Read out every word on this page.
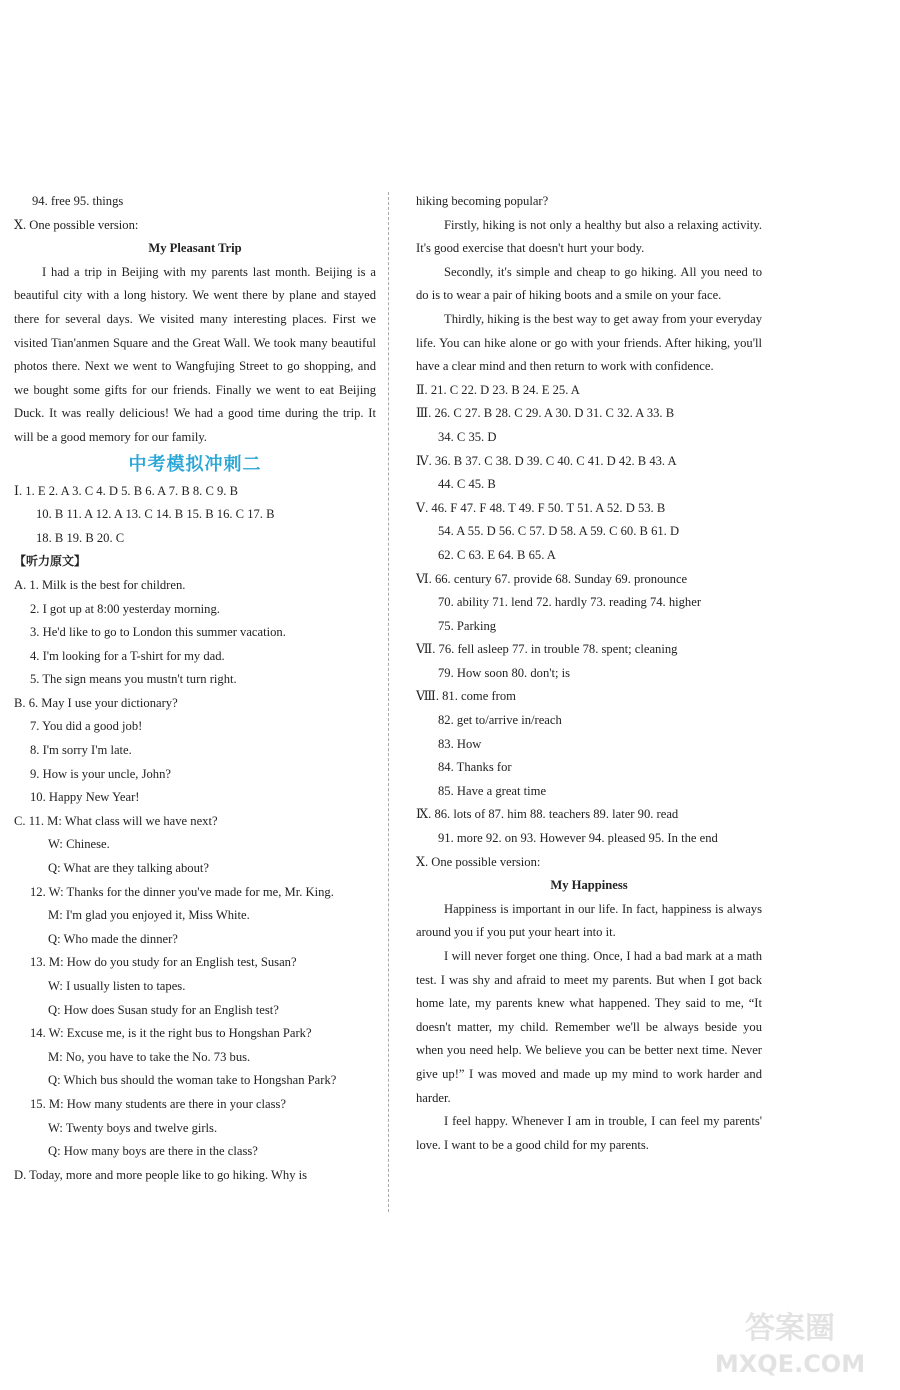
94. free 95. things
Ⅹ. One possible version:
My Pleasant Trip
I had a trip in Beijing with my parents last month. Beijing is a beautiful city with a long history. We went there by plane and stayed there for several days. We visited many interesting places. First we visited Tian'anmen Square and the Great Wall. We took many beautiful photos there. Next we went to Wangfujing Street to go shopping, and we bought some gifts for our friends. Finally we went to eat Beijing Duck. It was really delicious! We had a good time during the trip. It will be a good memory for our family.
中考模拟冲刺二
Ⅰ. 1. E 2. A 3. C 4. D 5. B 6. A 7. B 8. C 9. B
10. B 11. A 12. A 13. C 14. B 15. B 16. C 17. B
18. B 19. B 20. C
【听力原文】
A. 1. Milk is the best for children.
2. I got up at 8:00 yesterday morning.
3. He'd like to go to London this summer vacation.
4. I'm looking for a T-shirt for my dad.
5. The sign means you mustn't turn right.
B. 6. May I use your dictionary?
7. You did a good job!
8. I'm sorry I'm late.
9. How is your uncle, John?
10. Happy New Year!
C. 11. M: What class will we have next?
W: Chinese.
Q: What are they talking about?
12. W: Thanks for the dinner you've made for me, Mr. King.
M: I'm glad you enjoyed it, Miss White.
Q: Who made the dinner?
13. M: How do you study for an English test, Susan?
W: I usually listen to tapes.
Q: How does Susan study for an English test?
14. W: Excuse me, is it the right bus to Hongshan Park?
M: No, you have to take the No. 73 bus.
Q: Which bus should the woman take to Hongshan Park?
15. M: How many students are there in your class?
W: Twenty boys and twelve girls.
Q: How many boys are there in the class?
D. Today, more and more people like to go hiking. Why is
hiking becoming popular?
Firstly, hiking is not only a healthy but also a relaxing activity. It's good exercise that doesn't hurt your body.
Secondly, it's simple and cheap to go hiking. All you need to do is to wear a pair of hiking boots and a smile on your face.
Thirdly, hiking is the best way to get away from your everyday life. You can hike alone or go with your friends. After hiking, you'll have a clear mind and then return to work with confidence.
Ⅱ. 21. C 22. D 23. B 24. E 25. A
Ⅲ. 26. C 27. B 28. C 29. A 30. D 31. C 32. A 33. B
34. C 35. D
Ⅳ. 36. B 37. C 38. D 39. C 40. C 41. D 42. B 43. A
44. C 45. B
Ⅴ. 46. F 47. F 48. T 49. F 50. T 51. A 52. D 53. B
54. A 55. D 56. C 57. D 58. A 59. C 60. B 61. D
62. C 63. E 64. B 65. A
Ⅵ. 66. century 67. provide 68. Sunday 69. pronounce
70. ability 71. lend 72. hardly 73. reading 74. higher
75. Parking
Ⅶ. 76. fell asleep 77. in trouble 78. spent; cleaning
79. How soon 80. don't; is
Ⅷ. 81. come from
82. get to/arrive in/reach
83. How
84. Thanks for
85. Have a great time
Ⅸ. 86. lots of 87. him 88. teachers 89. later 90. read
91. more 92. on 93. However 94. pleased 95. In the end
Ⅹ. One possible version:
My Happiness
Happiness is important in our life. In fact, happiness is always around you if you put your heart into it.
I will never forget one thing. Once, I had a bad mark at a math test. I was shy and afraid to meet my parents. But when I got back home late, my parents knew what happened. They said to me, “It doesn't matter, my child. Remember we'll be always beside you when you need help. We believe you can be better next time. Never give up!” I was moved and made up my mind to work harder and harder.
I feel happy. Whenever I am in trouble, I can feel my parents' love. I want to be a good child for my parents.
答案圈
MXQE.COM
